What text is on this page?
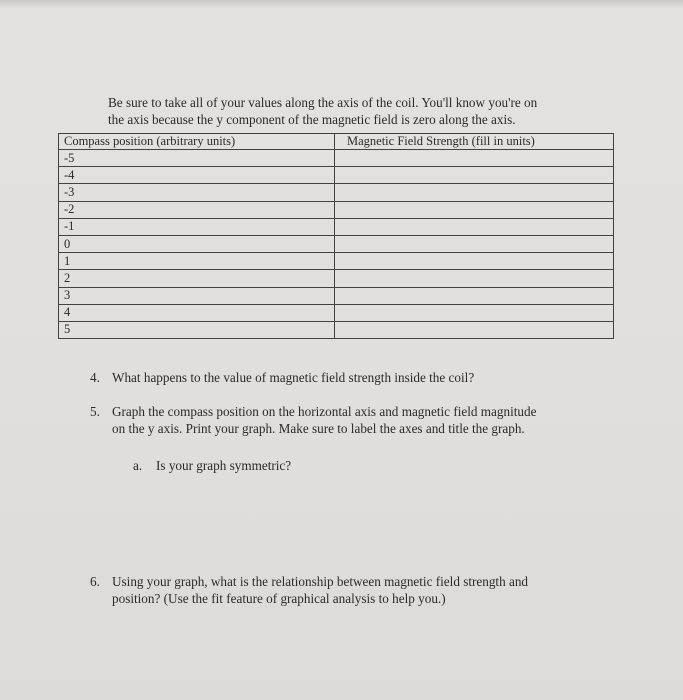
Be sure to take all of your values along the axis of the coil. You'll know you're on
the axis because the y component of the magnetic field is zero along the axis.

Compass position (arbitrary units)	Magnetic Field Strength (fill in units)
-5	
-4	
-3	
-2	
-1	
0	
1	
2	
3	
4	
5	

4. What happens to the value of magnetic field strength inside the coil?

5. Graph the compass position on the horizontal axis and magnetic field magnitude
on the y axis. Print your graph. Make sure to label the axes and title the graph.

a. Is your graph symmetric?

6. Using your graph, what is the relationship between magnetic field strength and
position? (Use the fit feature of graphical analysis to help you.)
